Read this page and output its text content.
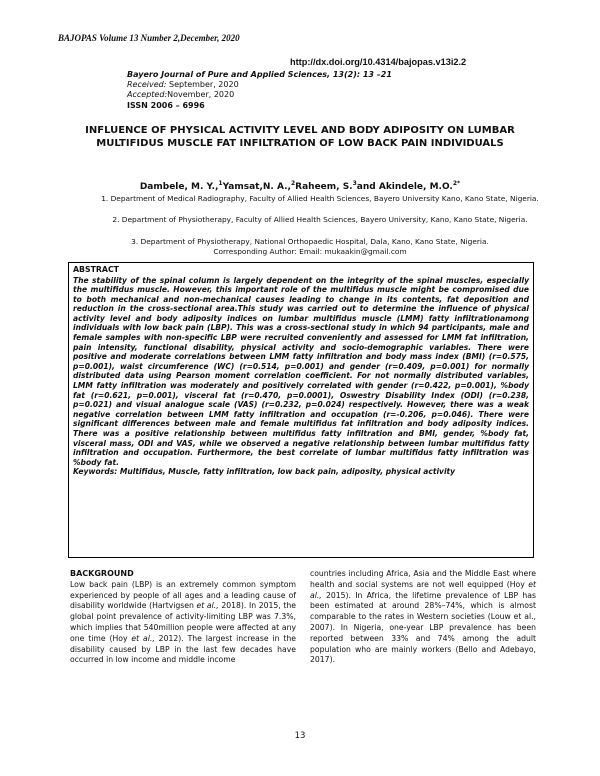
BAJOPAS Volume 13 Number 2,December, 2020
http://dx.doi.org/10.4314/bajopas.v13i2.2
Bayero Journal of Pure and Applied Sciences, 13(2): 13 –21
Received: September, 2020
Accepted:November, 2020
ISSN 2006 – 6996
INFLUENCE OF PHYSICAL ACTIVITY LEVEL AND BODY ADIPOSITY ON LUMBAR MULTIFIDUS MUSCLE FAT INFILTRATION OF LOW BACK PAIN INDIVIDUALS
Dambele, M. Y.,$^1$Yamsat,N. A.,$^2$Raheem, S.$^3$and Akindele, M.O.$^{2*}$
1. Department of Medical Radiography, Faculty of Allied Health Sciences, Bayero University Kano, Kano State, Nigeria.
2. Department of Physiotherapy, Faculty of Allied Health Sciences, Bayero University, Kano, Kano State, Nigeria.
3. Department of Physiotherapy, National Orthopaedic Hospital, Dala, Kano, Kano State, Nigeria.
Corresponding Author: Email: mukaakin@gmail.com
ABSTRACT
The stability of the spinal column is largely dependent on the integrity of the spinal muscles, especially the multifidus muscle. However, this important role of the multifidus muscle might be compromised due to both mechanical and non-mechanical causes leading to change in its contents, fat deposition and reduction in the cross-sectional area.This study was carried out to determine the influence of physical activity level and body adiposity indices on lumbar multifidus muscle (LMM) fatty infiltrationamong individuals with low back pain (LBP). This was a cross-sectional study in which 94 participants, male and female samples with non-specific LBP were recruited conveniently and assessed for LMM fat infiltration, pain intensity, functional disability, physical activity and socio-demographic variables. There were positive and moderate correlations between LMM fatty infiltration and body mass index (BMI) (r=0.575, p=0.001), waist circumference (WC) (r=0.514, p=0.001) and gender (r=0.409, p=0.001) for normally distributed data using Pearson moment correlation coefficient. For not normally distributed variables, LMM fatty infiltration was moderately and positively correlated with gender (r=0.422, p=0.001), %body fat (r=0.621, p=0.001), visceral fat (r=0.470, p=0.0001), Oswestry Disability Index (ODI) (r=0.238, p=0.021) and visual analogue scale (VAS) (r=0.232, p=0.024) respectively. However, there was a weak negative correlation between LMM fatty infiltration and occupation (r=-0.206, p=0.046). There were significant differences between male and female multifidus fat infiltration and body adiposity indices. There was a positive relationship between multifidus fatty infiltration and BMI, gender, %body fat, visceral mass, ODI and VAS, while we observed a negative relationship between lumbar multifidus fatty infiltration and occupation. Furthermore, the best correlate of lumbar multifidus fatty infiltration was %body fat.
Keywords: Multifidus, Muscle, fatty infiltration, low back pain, adiposity, physical activity
BACKGROUND
Low back pain (LBP) is an extremely common symptom experienced by people of all ages and a leading cause of disability worldwide (Hartvigsen et al., 2018). In 2015, the global point prevalence of activity-limiting LBP was 7.3%, which implies that 540million people were affected at any one time (Hoy et al., 2012). The largest increase in the disability caused by LBP in the last few decades have occurred in low income and middle income
countries including Africa, Asia and the Middle East where health and social systems are not well equipped (Hoy et al., 2015). In Africa, the lifetime prevalence of LBP has been estimated at around 28%–74%, which is almost comparable to the rates in Western societies (Louw et al., 2007). In Nigeria, one-year LBP prevalence has been reported between 33% and 74% among the adult population who are mainly workers (Bello and Adebayo, 2017).
13
